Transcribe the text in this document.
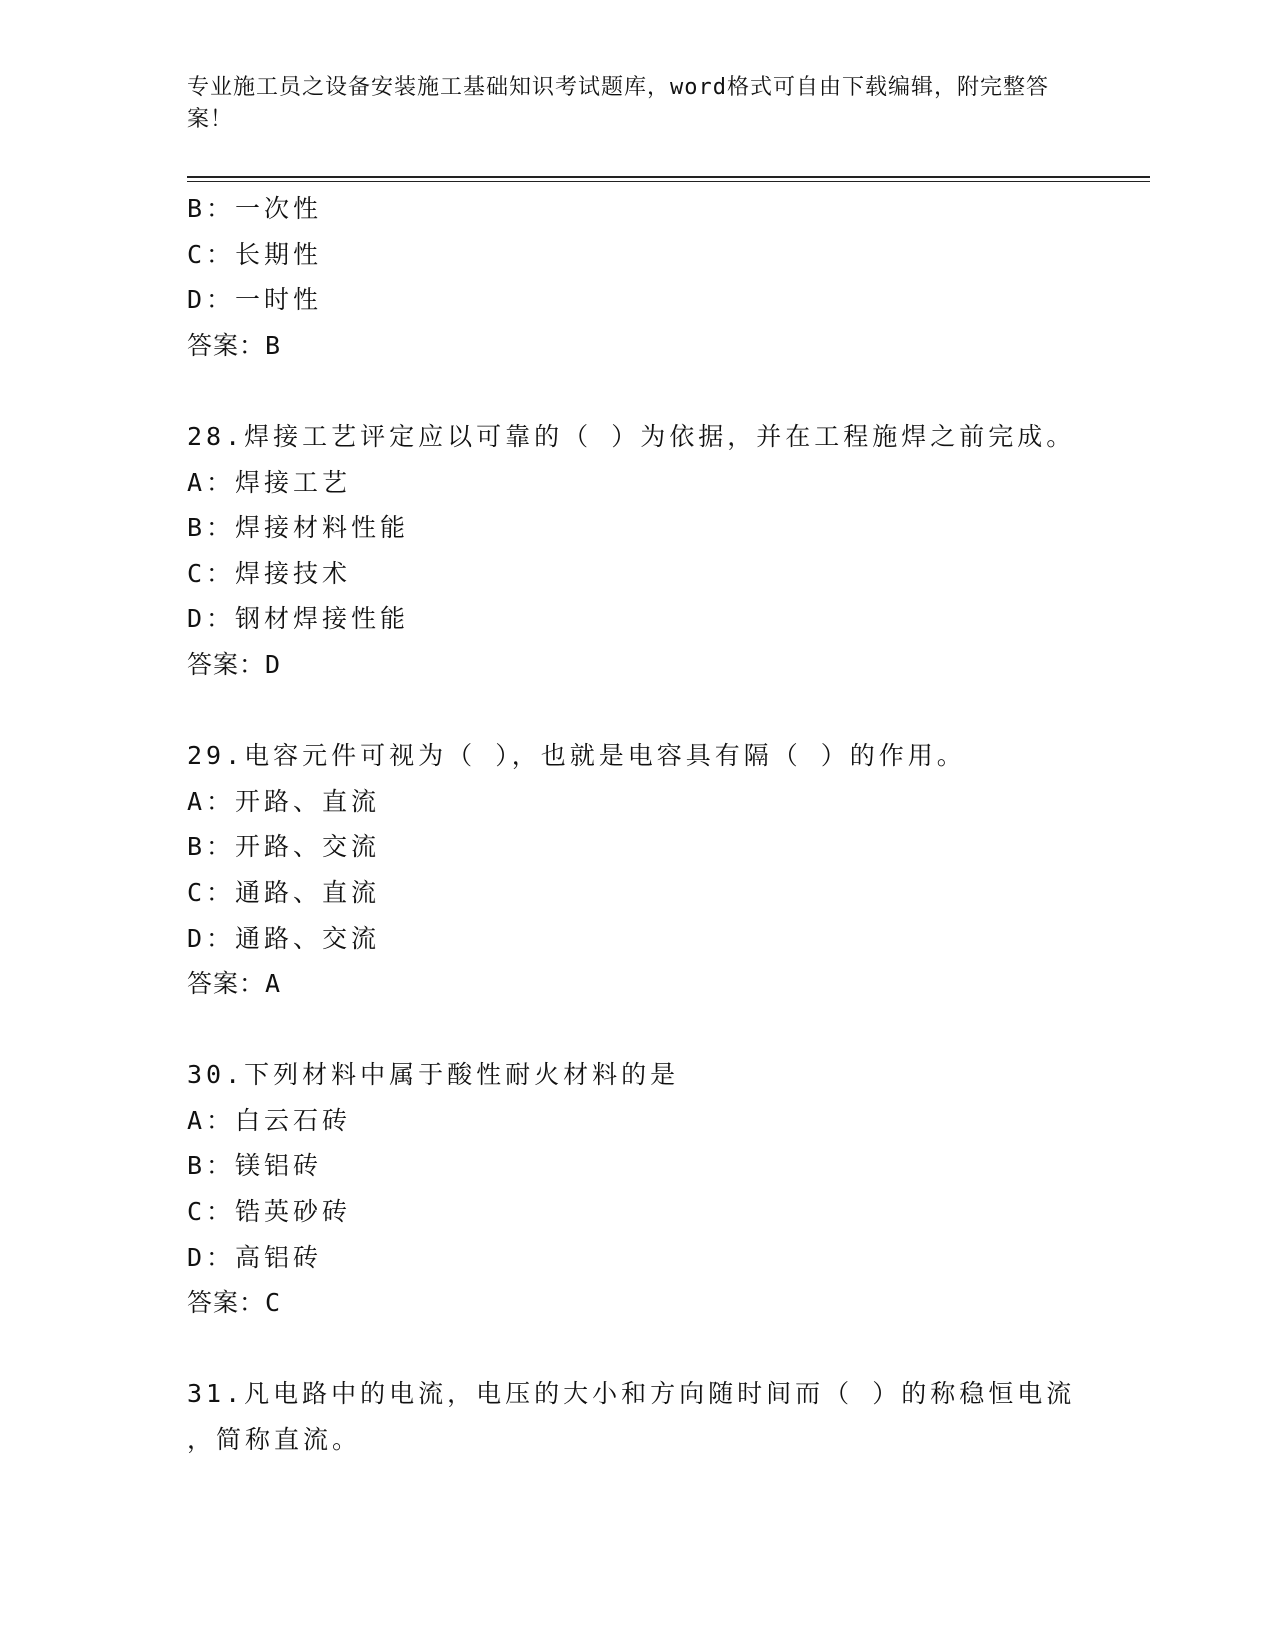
专业施工员之设备安装施工基础知识考试题库，word格式可自由下载编辑，附完整答案！
B：一次性
C：长期性
D：一时性
答案：B
28.焊接工艺评定应以可靠的（ ）为依据，并在工程施焊之前完成。
A：焊接工艺
B：焊接材料性能
C：焊接技术
D：钢材焊接性能
答案：D
29.电容元件可视为（ ），也就是电容具有隔（ ）的作用。
A：开路、直流
B：开路、交流
C：通路、直流
D：通路、交流
答案：A
30.下列材料中属于酸性耐火材料的是
A：白云石砖
B：镁铝砖
C：锆英砂砖
D：高铝砖
答案：C
31.凡电路中的电流，电压的大小和方向随时间而（ ）的称稳恒电流
，简称直流。
